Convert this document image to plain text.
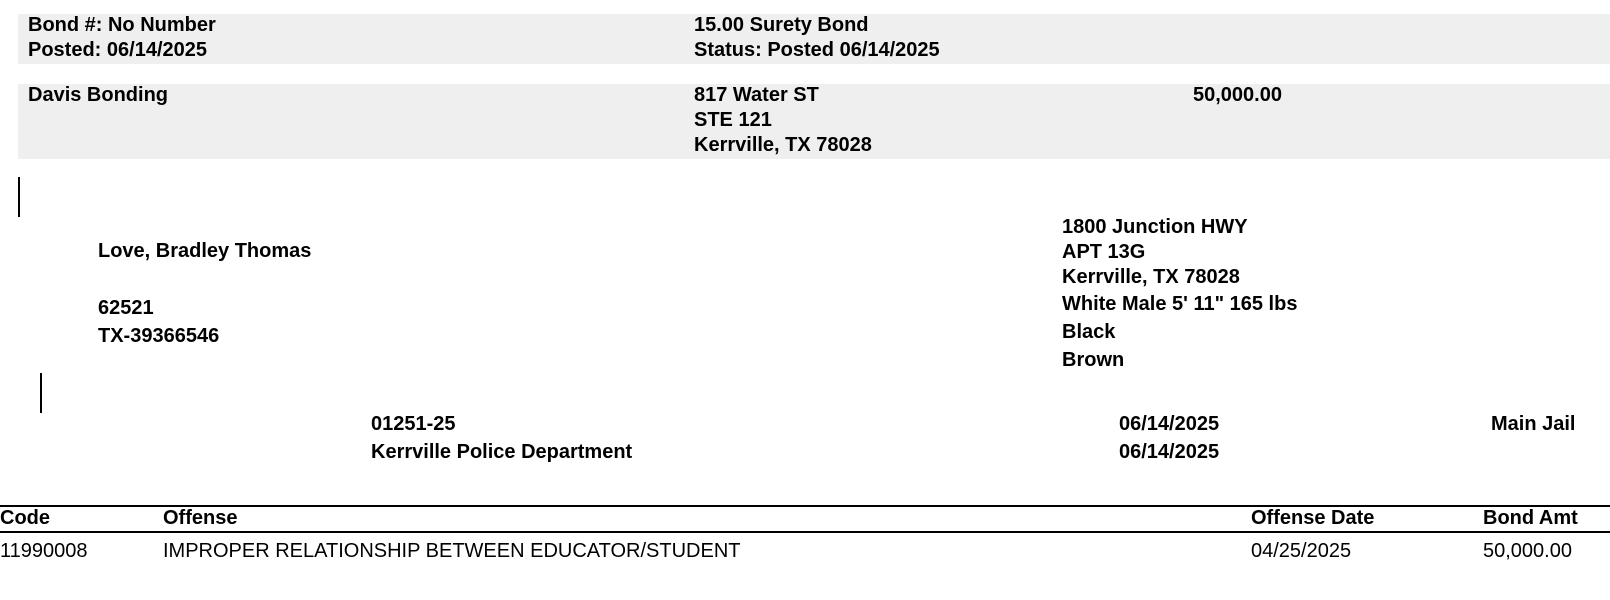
Bond #: No Number
Posted: 06/14/2025
15.00 Surety Bond
Status: Posted 06/14/2025
Davis Bonding	817 Water ST
STE 121
Kerrville, TX 78028
50,000.00
Love, Bradley Thomas
62521
TX-39366546
1800 Junction HWY
APT 13G
Kerrville, TX 78028
White Male 5' 11" 165 lbs
Black
Brown
01251-25
Kerrville Police Department
06/14/2025
06/14/2025
Main Jail
Code	Offense	Offense Date	Bond Amt
11990008	IMPROPER RELATIONSHIP BETWEEN EDUCATOR/STUDENT	04/25/2025	50,000.00
